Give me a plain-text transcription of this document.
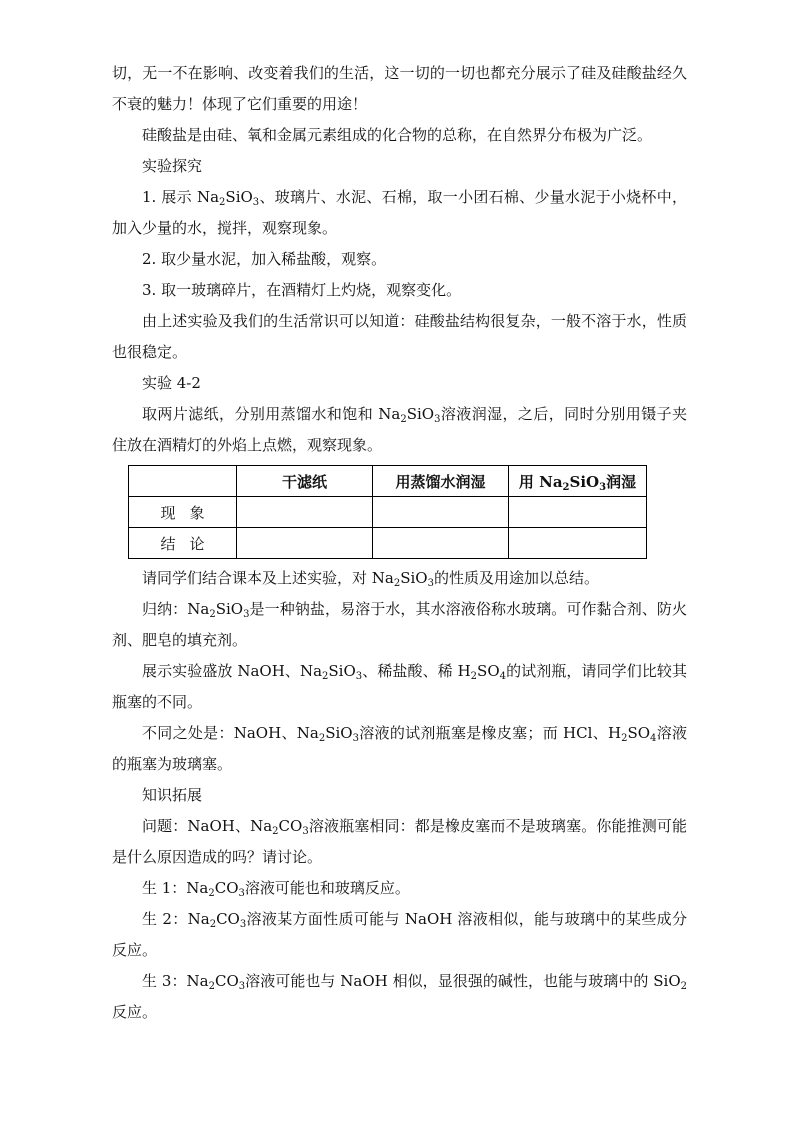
切，无一不在影响、改变着我们的生活，这一切的一切也都充分展示了硅及硅酸盐经久不衰的魅力！体现了它们重要的用途！

硅酸盐是由硅、氧和金属元素组成的化合物的总称，在自然界分布极为广泛。

实验探究

1. 展示 $Na_2SiO_3$、玻璃片、水泥、石棉，取一小团石棉、少量水泥于小烧杯中，加入少量的水，搅拌，观察现象。

2. 取少量水泥，加入稀盐酸，观察。

3. 取一玻璃碎片，在酒精灯上灼烧，观察变化。

由上述实验及我们的生活常识可以知道：硅酸盐结构很复杂，一般不溶于水，性质也很稳定。

实验 4-2

取两片滤纸，分别用蒸馏水和饱和 $Na_2SiO_3$溶液润湿，之后，同时分别用镊子夹住放在酒精灯的外焰上点燃，观察现象。

	干滤纸	用蒸馏水润湿	用 $Na_2SiO_3$润湿
现象			
结论			

请同学们结合课本及上述实验，对 $Na_2SiO_3$的性质及用途加以总结。

归纳：$Na_2SiO_3$是一种钠盐，易溶于水，其水溶液俗称水玻璃。可作黏合剂、防火剂、肥皂的填充剂。

展示实验盛放 NaOH、$Na_2SiO_3$、稀盐酸、稀 $H_2SO_4$的试剂瓶，请同学们比较其瓶塞的不同。

不同之处是：NaOH、$Na_2SiO_3$溶液的试剂瓶塞是橡皮塞；而 HCl、$H_2SO_4$溶液的瓶塞为玻璃塞。

知识拓展

问题：NaOH、$Na_2CO_3$溶液瓶塞相同：都是橡皮塞而不是玻璃塞。你能推测可能是什么原因造成的吗？请讨论。

生 1：$Na_2CO_3$溶液可能也和玻璃反应。

生 2：$Na_2CO_3$溶液某方面性质可能与 NaOH 溶液相似，能与玻璃中的某些成分反应。

生 3：$Na_2CO_3$溶液可能也与 NaOH 相似，显很强的碱性，也能与玻璃中的 SiO$_2$反应。
